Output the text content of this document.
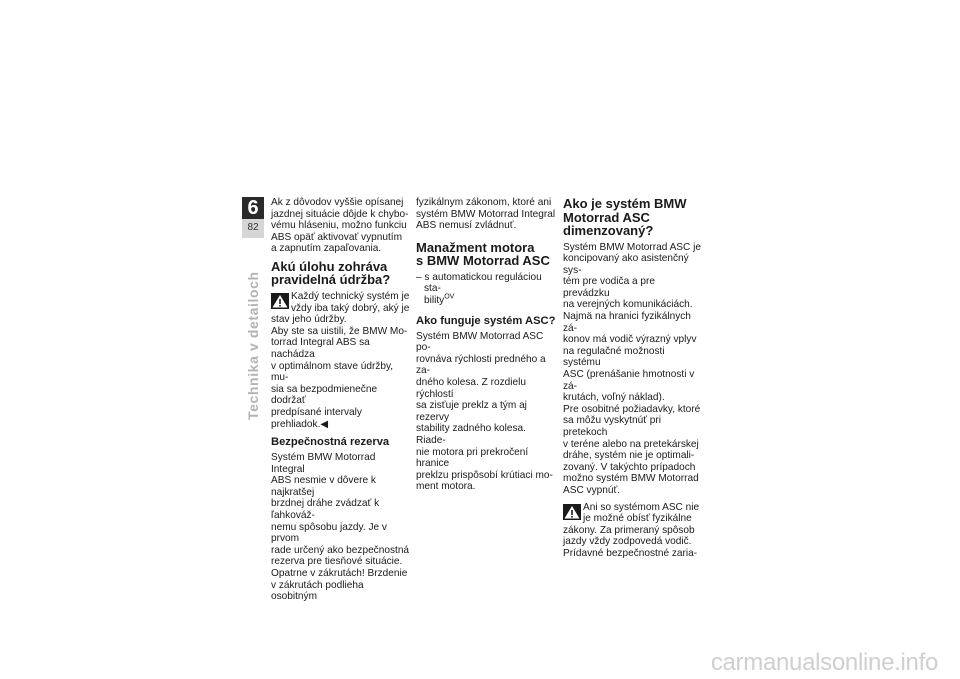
6
82
Technika v detailoch

Ak z dôvodov vyššie opísanej
jazdnej situácie dôjde k chybo-
vému hláseniu, možno funkciu
ABS opäť aktivovať vypnutím
a zapnutím zapaľovania.

Akú úlohu zohráva
pravidelná údržba?
Každý technický systém je
vždy iba taký dobrý, aký je

stav jeho údržby.

Aby ste sa uistili, že BMW Mo-
torrad Integral ABS sa nachádza
v optimálnom stave údržby, mu-
sia sa bezpodmienečne dodržať
predpísané intervaly prehliadok.◀

Bezpečnostná rezerva

Systém BMW Motorrad Integral
ABS nesmie v dôvere k najkratšej
brzdnej dráhe zvádzať k ľahkováž-
nemu spôsobu jazdy. Je v prvom
rade určený ako bezpečnostná
rezerva pre tiesňové situácie.
Opatrne v zákrutách! Brzdenie
v zákrutách podlieha osobitným

fyzikálnym zákonom, ktoré ani
systém BMW Motorrad Integral
ABS nemusí zvládnuť.

Manažment motora
s BMW Motorrad ASC

– s automatickou reguláciou sta-
bility$^{OV}$

Ako funguje systém ASC?

Systém BMW Motorrad ASC po-
rovnáva rýchlosti predného a za-
dného kolesa. Z rozdielu rýchlostí
sa zisťuje preklz a tým aj rezervy
stability zadného kolesa. Riade-
nie motora pri prekročení hranice
preklzu prispôsobí krútiaci mo-
ment motora.

Ako je systém BMW
Motorrad ASC
dimenzovaný?

Systém BMW Motorrad ASC je
koncipovaný ako asistenčný sys-
tém pre vodiča a pre prevádzku
na verejných komunikáciách.
Najmä na hranici fyzikálnych zá-
konov má vodič výrazný vplyv
na regulačné možnosti systému
ASC (prenášanie hmotnosti v zá-
krutách, voľný náklad).
Pre osobitné požiadavky, ktoré
sa môžu vyskytnúť pri pretekoch
v teréne alebo na pretekárskej
dráhe, systém nie je optimali-
zovaný. V takýchto prípadoch
možno systém BMW Motorrad
ASC vypnúť.

Ani so systémom ASC nie
je možné obísť fyzikálne

zákony. Za primeraný spôsob
jazdy vždy zodpovedá vodič.
Prídavné bezpečnostné zaria-
carmanualsonline.info
